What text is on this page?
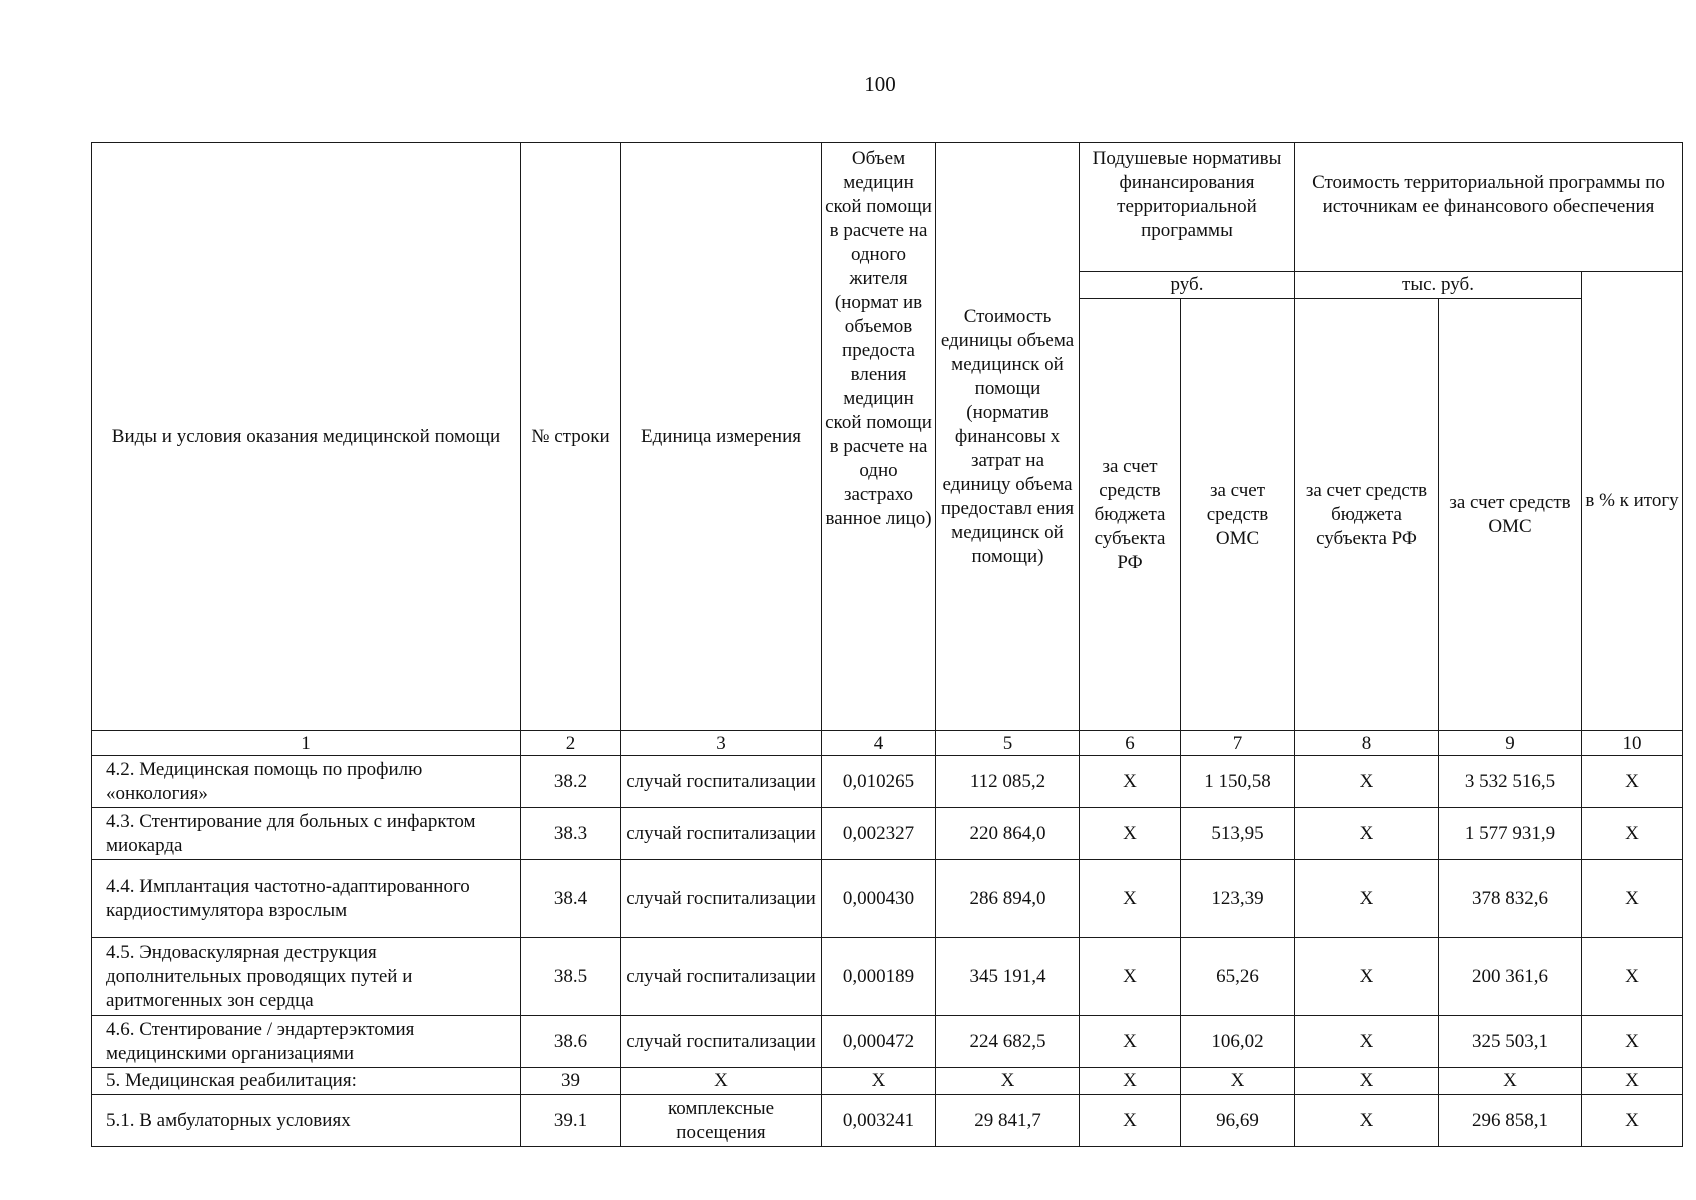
100
Виды и условия оказания медицинской помощи	№ строки	Единица измерения	Объем медицин ской помощи в расчете на одного жителя (нормат ив объемов предоста вления медицин ской помощи в расчете на одно застрахо ванное лицо)	Стоимость единицы объема медицинск ой помощи (норматив финансовы х затрат на единицу объема предоставл ения медицинск ой помощи)	Подушевые нормативы финансирования территориальной программы		Стоимость территориальной программы по источникам ее финансового обеспечения		
					руб.		тыс. руб.		в % к итогу
					за счет средств бюджета субъекта РФ	за счет средств ОМС	за счет средств бюджета субъекта РФ	за счет средств ОМС	
1	2	3	4	5	6	7	8	9	10
4.2. Медицинская помощь по профилю «онкология»	38.2	случай госпитализации	0,010265	112 085,2	X	1 150,58	X	3 532 516,5	X
4.3. Стентирование для больных с инфарктом миокарда	38.3	случай госпитализации	0,002327	220 864,0	X	513,95	X	1 577 931,9	X
4.4. Имплантация частотно-адаптированного кардиостимулятора взрослым	38.4	случай госпитализации	0,000430	286 894,0	X	123,39	X	378 832,6	X
4.5. Эндоваскулярная деструкция дополнительных проводящих путей и аритмогенных зон сердца	38.5	случай госпитализации	0,000189	345 191,4	X	65,26	X	200 361,6	X
4.6. Стентирование / эндартерэктомия медицинскими организациями	38.6	случай госпитализации	0,000472	224 682,5	X	106,02	X	325 503,1	X
5. Медицинская реабилитация:	39	X	X	X	X	X	X	X	X
5.1. В амбулаторных условиях	39.1	комплексные посещения	0,003241	29 841,7	X	96,69	X	296 858,1	X
